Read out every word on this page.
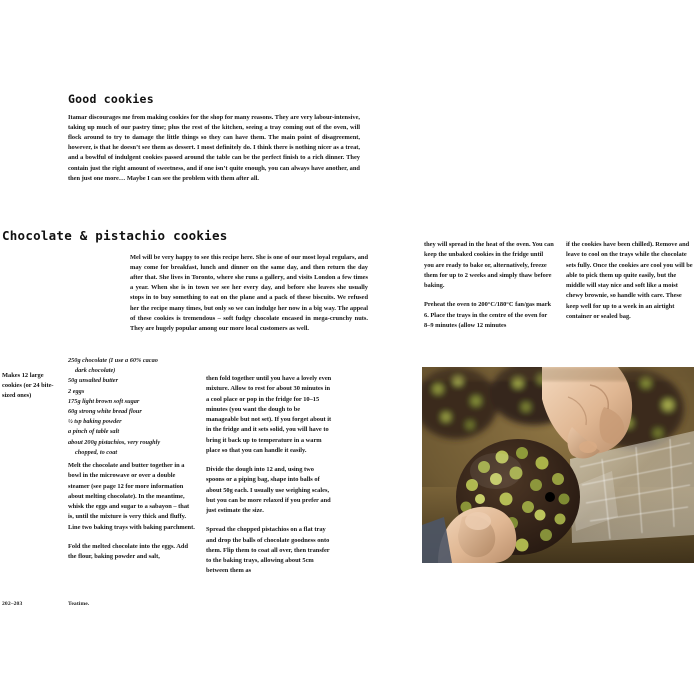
Good cookies
Itamar discourages me from making cookies for the shop for many reasons. They are very labour-intensive, taking up much of our pastry time; plus the rest of the kitchen, seeing a tray coming out of the oven, will flock around to try to damage the little things so they can have them. The main point of disagreement, however, is that he doesn’t see them as dessert. I most definitely do. I think there is nothing nicer as a treat, and a bowlful of indulgent cookies passed around the table can be the perfect finish to a rich dinner. They contain just the right amount of sweetness, and if one isn’t quite enough, you can always have another, and then just one more… Maybe I can see the problem with them after all.
Chocolate & pistachio cookies
Mel will be very happy to see this recipe here. She is one of our most loyal regulars, and may come for breakfast, lunch and dinner on the same day, and then return the day after that. She lives in Toronto, where she runs a gallery, and visits London a few times a year. When she is in town we see her every day, and before she leaves she usually stops in to buy something to eat on the plane and a pack of these biscuits. We refused her the recipe many times, but only so we can indulge her now in a big way. The appeal of these cookies is tremendous – soft fudgy chocolate encased in mega-crunchy nuts. They are hugely popular among our more local customers as well.
Makes 12 large cookies (or 24 bite-sized ones)
250g chocolate (I use a 60% cacao
dark chocolate)
50g unsalted butter
2 eggs
175g light brown soft sugar
60g strong white bread flour
½ tsp baking powder
a pinch of table salt
about 200g pistachios, very roughly
chopped, to coat

Melt the chocolate and butter together in a bowl in the microwave or over a double steamer (see page 12 for more information about melting chocolate). In the meantime, whisk the eggs and sugar to a sabayon – that is, until the mixture is very thick and fluffy. Line two baking trays with baking parchment.

Fold the melted chocolate into the eggs. Add the flour, baking powder and salt,

then fold together until you have a lovely even mixture. Allow to rest for about 30 minutes in a cool place or pop in the fridge for 10–15 minutes (you want the dough to be manageable but not set). If you forget about it in the fridge and it sets solid, you will have to bring it back up to temperature in a warm place so that you can handle it easily.

Divide the dough into 12 and, using two spoons or a piping bag, shape into balls of about 50g each. I usually use weighing scales, but you can be more relaxed if you prefer and just estimate the size.

Spread the chopped pistachios on a flat tray and drop the balls of chocolate goodness onto them. Flip them to coat all over, then transfer to the baking trays, allowing about 5cm between them as

they will spread in the heat of the oven. You can keep the unbaked cookies in the fridge until you are ready to bake or, alternatively, freeze them for up to 2 weeks and simply thaw before baking.

Preheat the oven to 200°C/180°C fan/gas mark 6. Place the trays in the centre of the oven for 8–9 minutes (allow 12 minutes

if the cookies have been chilled). Remove and leave to cool on the trays while the chocolate sets fully. Once the cookies are cool you will be able to pick them up quite easily, but the middle will stay nice and soft like a moist chewy brownie, so handle with care. These keep well for up to a week in an airtight container or sealed bag.

202–203	Teatime.
